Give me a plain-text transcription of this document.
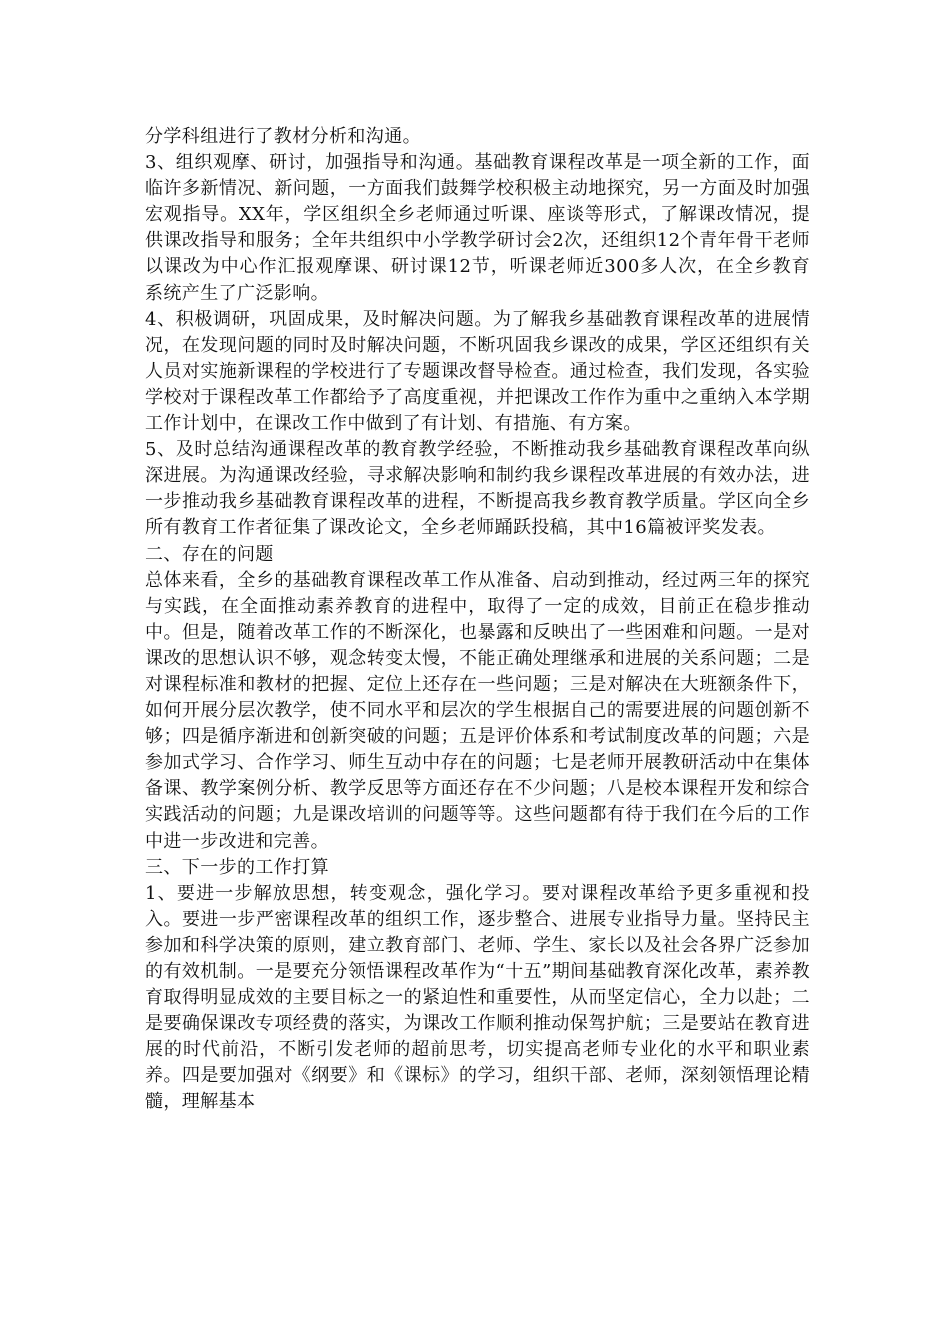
分学科组进行了教材分析和沟通。

3、组织观摩、研讨，加强指导和沟通。基础教育课程改革是一项全新的工作，面临许多新情况、新问题，一方面我们鼓舞学校积极主动地探究，另一方面及时加强宏观指导。XX年，学区组织全乡老师通过听课、座谈等形式，了解课改情况，提供课改指导和服务；全年共组织中小学教学研讨会2次，还组织12个青年骨干老师以课改为中心作汇报观摩课、研讨课12节，听课老师近300多人次，在全乡教育系统产生了广泛影响。

4、积极调研，巩固成果，及时解决问题。为了解我乡基础教育课程改革的进展情况，在发现问题的同时及时解决问题，不断巩固我乡课改的成果，学区还组织有关人员对实施新课程的学校进行了专题课改督导检查。通过检查，我们发现，各实验学校对于课程改革工作都给予了高度重视，并把课改工作作为重中之重纳入本学期工作计划中，在课改工作中做到了有计划、有措施、有方案。

5、及时总结沟通课程改革的教育教学经验，不断推动我乡基础教育课程改革向纵深进展。为沟通课改经验，寻求解决影响和制约我乡课程改革进展的有效办法，进一步推动我乡基础教育课程改革的进程，不断提高我乡教育教学质量。学区向全乡所有教育工作者征集了课改论文，全乡老师踊跃投稿，其中16篇被评奖发表。

二、存在的问题

总体来看，全乡的基础教育课程改革工作从准备、启动到推动，经过两三年的探究与实践，在全面推动素养教育的进程中，取得了一定的成效，目前正在稳步推动中。但是，随着改革工作的不断深化，也暴露和反映出了一些困难和问题。一是对课改的思想认识不够，观念转变太慢，不能正确处理继承和进展的关系问题；二是对课程标准和教材的把握、定位上还存在一些问题；三是对解决在大班额条件下，如何开展分层次教学，使不同水平和层次的学生根据自己的需要进展的问题创新不够；四是循序渐进和创新突破的问题；五是评价体系和考试制度改革的问题；六是参加式学习、合作学习、师生互动中存在的问题；七是老师开展教研活动中在集体备课、教学案例分析、教学反思等方面还存在不少问题；八是校本课程开发和综合实践活动的问题；九是课改培训的问题等等。这些问题都有待于我们在今后的工作中进一步改进和完善。

三、下一步的工作打算

1、要进一步解放思想，转变观念，强化学习。要对课程改革给予更多重视和投入。要进一步严密课程改革的组织工作，逐步整合、进展专业指导力量。坚持民主参加和科学决策的原则，建立教育部门、老师、学生、家长以及社会各界广泛参加的有效机制。一是要充分领悟课程改革作为“十五”期间基础教育深化改革，素养教育取得明显成效的主要目标之一的紧迫性和重要性，从而坚定信心，全力以赴；二是要确保课改专项经费的落实，为课改工作顺利推动保驾护航；三是要站在教育进展的时代前沿，不断引发老师的超前思考，切实提高老师专业化的水平和职业素养。四是要加强对《纲要》和《课标》的学习，组织干部、老师，深刻领悟理论精髓，理解基本
